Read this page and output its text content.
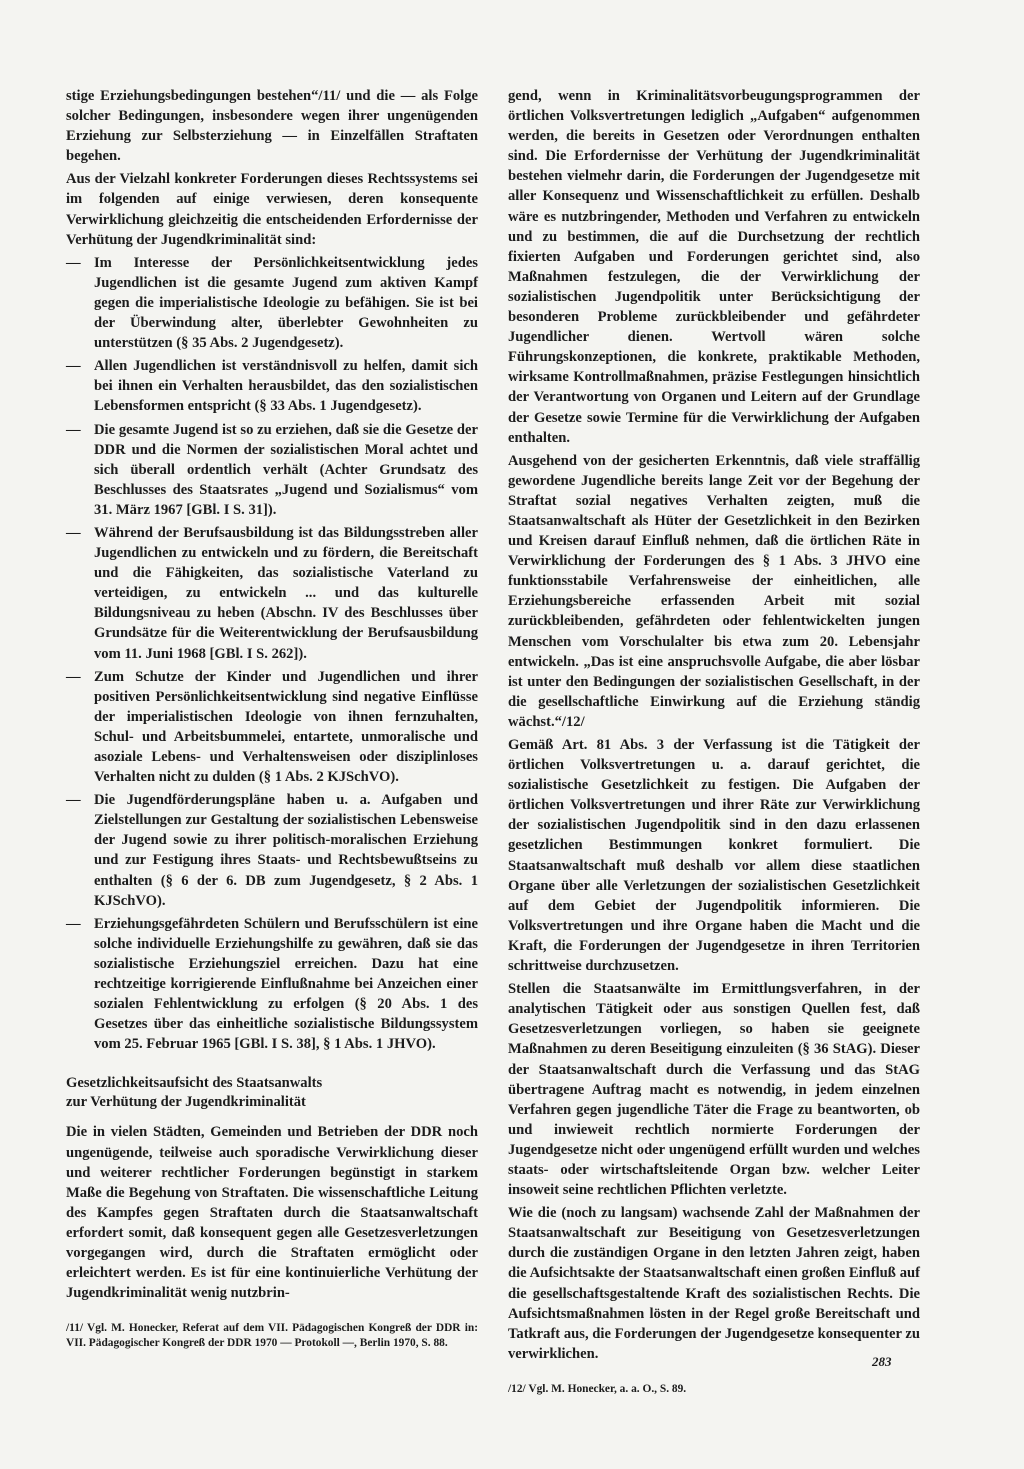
stige Erziehungsbedingungen bestehen“/11/ und die — als Folge solcher Bedingungen, insbesondere wegen ihrer ungenügenden Erziehung zur Selbsterziehung — in Einzelfällen Straftaten begehen.

Aus der Vielzahl konkreter Forderungen dieses Rechtssystems sei im folgenden auf einige verwiesen, deren konsequente Verwirklichung gleichzeitig die entscheidenden Erfordernisse der Verhütung der Jugendkriminalität sind:

— Im Interesse der Persönlichkeitsentwicklung jedes Jugendlichen ist die gesamte Jugend zum aktiven Kampf gegen die imperialistische Ideologie zu befähigen. Sie ist bei der Überwindung alter, überlebter Gewohnheiten zu unterstützen (§ 35 Abs. 2 Jugendgesetz).
— Allen Jugendlichen ist verständnisvoll zu helfen, damit sich bei ihnen ein Verhalten herausbildet, das den sozialistischen Lebensformen entspricht (§ 33 Abs. 1 Jugendgesetz).
— Die gesamte Jugend ist so zu erziehen, daß sie die Gesetze der DDR und die Normen der sozialistischen Moral achtet und sich überall ordentlich verhält (Achter Grundsatz des Beschlusses des Staatsrates „Jugend und Sozialismus“ vom 31. März 1967 [GBl. I S. 31]).
— Während der Berufsausbildung ist das Bildungsstreben aller Jugendlichen zu entwickeln und zu fördern, die Bereitschaft und die Fähigkeiten, das sozialistische Vaterland zu verteidigen, zu entwickeln ... und das kulturelle Bildungsniveau zu heben (Abschn. IV des Beschlusses über Grundsätze für die Weiterentwicklung der Berufsausbildung vom 11. Juni 1968 [GBl. I S. 262]).
— Zum Schutze der Kinder und Jugendlichen und ihrer positiven Persönlichkeitsentwicklung sind negative Einflüsse der imperialistischen Ideologie von ihnen fernzuhalten, Schul- und Arbeitsbummelei, entartete, unmoralische und asoziale Lebens- und Verhaltensweisen oder disziplinloses Verhalten nicht zu dulden (§ 1 Abs. 2 KJSchVO).
— Die Jugendförderungspläne haben u. a. Aufgaben und Zielstellungen zur Gestaltung der sozialistischen Lebensweise der Jugend sowie zu ihrer politisch-moralischen Erziehung und zur Festigung ihres Staats- und Rechtsbewußtseins zu enthalten (§ 6 der 6. DB zum Jugendgesetz, § 2 Abs. 1 KJSchVO).
— Erziehungsgefährdeten Schülern und Berufsschülern ist eine solche individuelle Erziehungshilfe zu gewähren, daß sie das sozialistische Erziehungsziel erreichen. Dazu hat eine rechtzeitige korrigierende Einflußnahme bei Anzeichen einer sozialen Fehlentwicklung zu erfolgen (§ 20 Abs. 1 des Gesetzes über das einheitliche sozialistische Bildungssystem vom 25. Februar 1965 [GBl. I S. 38], § 1 Abs. 1 JHVO).
Gesetzlichkeitsaufsicht des Staatsanwalts
zur Verhütung der Jugendkriminalität

Die in vielen Städten, Gemeinden und Betrieben der DDR noch ungenügende, teilweise auch sporadische Verwirklichung dieser und weiterer rechtlicher Forderungen begünstigt in starkem Maße die Begehung von Straftaten. Die wissenschaftliche Leitung des Kampfes gegen Straftaten durch die Staatsanwaltschaft erfordert somit, daß konsequent gegen alle Gesetzesverletzungen vorgegangen wird, durch die Straftaten ermöglicht oder erleichtert werden. Es ist für eine kontinuierliche Verhütung der Jugendkriminalität wenig nutzbrin-

/11/ Vgl. M. Honecker, Referat auf dem VII. Pädagogischen Kongreß der DDR in: VII. Pädagogischer Kongreß der DDR 1970 — Protokoll —, Berlin 1970, S. 88.

gend, wenn in Kriminalitätsvorbeugungsprogrammen der örtlichen Volksvertretungen lediglich „Aufgaben“ aufgenommen werden, die bereits in Gesetzen oder Verordnungen enthalten sind. Die Erfordernisse der Verhütung der Jugendkriminalität bestehen vielmehr darin, die Forderungen der Jugendgesetze mit aller Konsequenz und Wissenschaftlichkeit zu erfüllen. Deshalb wäre es nutzbringender, Methoden und Verfahren zu entwickeln und zu bestimmen, die auf die Durchsetzung der rechtlich fixierten Aufgaben und Forderungen gerichtet sind, also Maßnahmen festzulegen, die der Verwirklichung der sozialistischen Jugendpolitik unter Berücksichtigung der besonderen Probleme zurückbleibender und gefährdeter Jugendlicher dienen. Wertvoll wären solche Führungskonzeptionen, die konkrete, praktikable Methoden, wirksame Kontrollmaßnahmen, präzise Festlegungen hinsichtlich der Verantwortung von Organen und Leitern auf der Grundlage der Gesetze sowie Termine für die Verwirklichung der Aufgaben enthalten.

Ausgehend von der gesicherten Erkenntnis, daß viele straffällig gewordene Jugendliche bereits lange Zeit vor der Begehung der Straftat sozial negatives Verhalten zeigten, muß die Staatsanwaltschaft als Hüter der Gesetzlichkeit in den Bezirken und Kreisen darauf Einfluß nehmen, daß die örtlichen Räte in Verwirklichung der Forderungen des § 1 Abs. 3 JHVO eine funktionsstabile Verfahrensweise der einheitlichen, alle Erziehungsbereiche erfassenden Arbeit mit sozial zurückbleibenden, gefährdeten oder fehlentwickelten jungen Menschen vom Vorschulalter bis etwa zum 20. Lebensjahr entwickeln. „Das ist eine anspruchsvolle Aufgabe, die aber lösbar ist unter den Bedingungen der sozialistischen Gesellschaft, in der die gesellschaftliche Einwirkung auf die Erziehung ständig wächst.“/12/

Gemäß Art. 81 Abs. 3 der Verfassung ist die Tätigkeit der örtlichen Volksvertretungen u. a. darauf gerichtet, die sozialistische Gesetzlichkeit zu festigen. Die Aufgaben der örtlichen Volksvertretungen und ihrer Räte zur Verwirklichung der sozialistischen Jugendpolitik sind in den dazu erlassenen gesetzlichen Bestimmungen konkret formuliert. Die Staatsanwaltschaft muß deshalb vor allem diese staatlichen Organe über alle Verletzungen der sozialistischen Gesetzlichkeit auf dem Gebiet der Jugendpolitik informieren. Die Volksvertretungen und ihre Organe haben die Macht und die Kraft, die Forderungen der Jugendgesetze in ihren Territorien schrittweise durchzusetzen.

Stellen die Staatsanwälte im Ermittlungsverfahren, in der analytischen Tätigkeit oder aus sonstigen Quellen fest, daß Gesetzesverletzungen vorliegen, so haben sie geeignete Maßnahmen zu deren Beseitigung einzuleiten (§ 36 StAG). Dieser der Staatsanwaltschaft durch die Verfassung und das StAG übertragene Auftrag macht es notwendig, in jedem einzelnen Verfahren gegen jugendliche Täter die Frage zu beantworten, ob und inwieweit rechtlich normierte Forderungen der Jugendgesetze nicht oder ungenügend erfüllt wurden und welches staats- oder wirtschaftsleitende Organ bzw. welcher Leiter insoweit seine rechtlichen Pflichten verletzte.

Wie die (noch zu langsam) wachsende Zahl der Maßnahmen der Staatsanwaltschaft zur Beseitigung von Gesetzesverletzungen durch die zuständigen Organe in den letzten Jahren zeigt, haben die Aufsichtsakte der Staatsanwaltschaft einen großen Einfluß auf die gesellschaftsgestaltende Kraft des sozialistischen Rechts. Die Aufsichtsmaßnahmen lösten in der Regel große Bereitschaft und Tatkraft aus, die Forderungen der Jugendgesetze konsequenter zu verwirklichen.

/12/ Vgl. M. Honecker, a. a. O., S. 89.
283
